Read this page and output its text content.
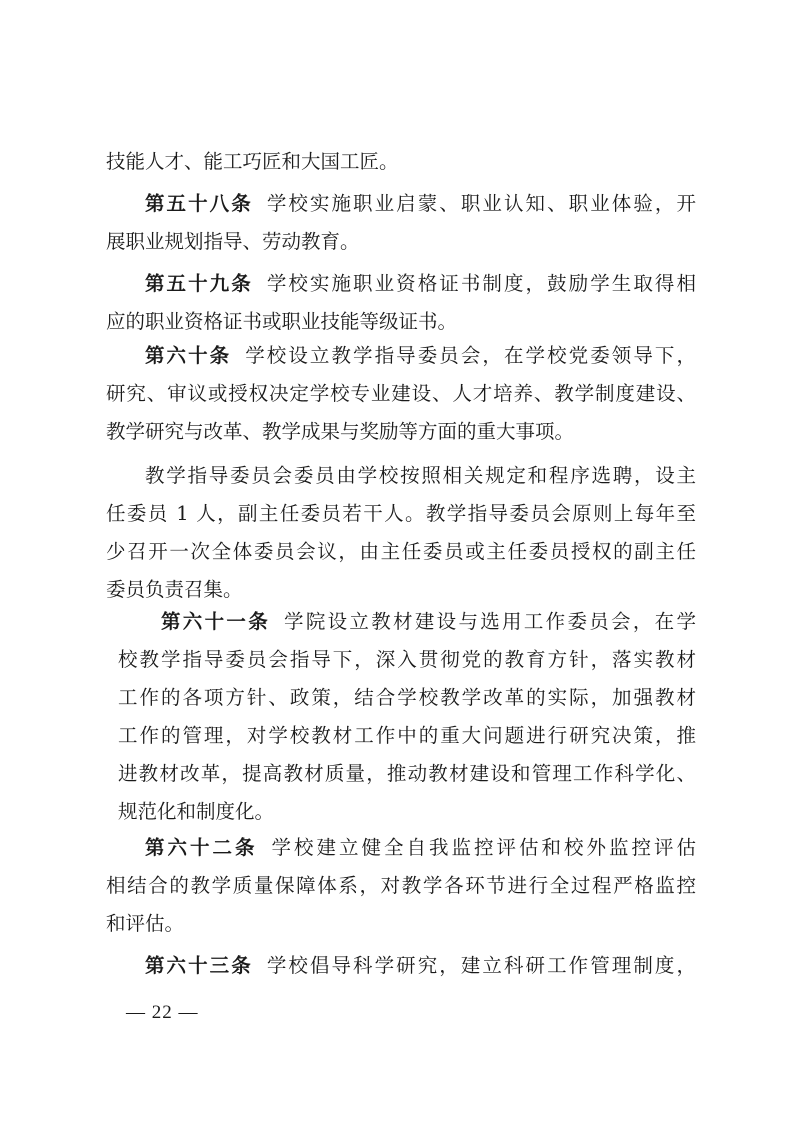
技能人才、能工巧匠和大国工匠。
第五十八条 学校实施职业启蒙、职业认知、职业体验，开
展职业规划指导、劳动教育。
第五十九条 学校实施职业资格证书制度，鼓励学生取得相
应的职业资格证书或职业技能等级证书。
第六十条 学校设立教学指导委员会，在学校党委领导下，
研究、审议或授权决定学校专业建设、人才培养、教学制度建设、
教学研究与改革、教学成果与奖励等方面的重大事项。
教学指导委员会委员由学校按照相关规定和程序选聘，设主
任委员 1 人，副主任委员若干人。教学指导委员会原则上每年至
少召开一次全体委员会议，由主任委员或主任委员授权的副主任
委员负责召集。
第六十一条 学院设立教材建设与选用工作委员会，在学
校教学指导委员会指导下，深入贯彻党的教育方针，落实教材
工作的各项方针、政策，结合学校教学改革的实际，加强教材
工作的管理，对学校教材工作中的重大问题进行研究决策，推
进教材改革，提高教材质量，推动教材建设和管理工作科学化、
规范化和制度化。
第六十二条 学校建立健全自我监控评估和校外监控评估
相结合的教学质量保障体系，对教学各环节进行全过程严格监控
和评估。
第六十三条 学校倡导科学研究，建立科研工作管理制度，
— 22 —
